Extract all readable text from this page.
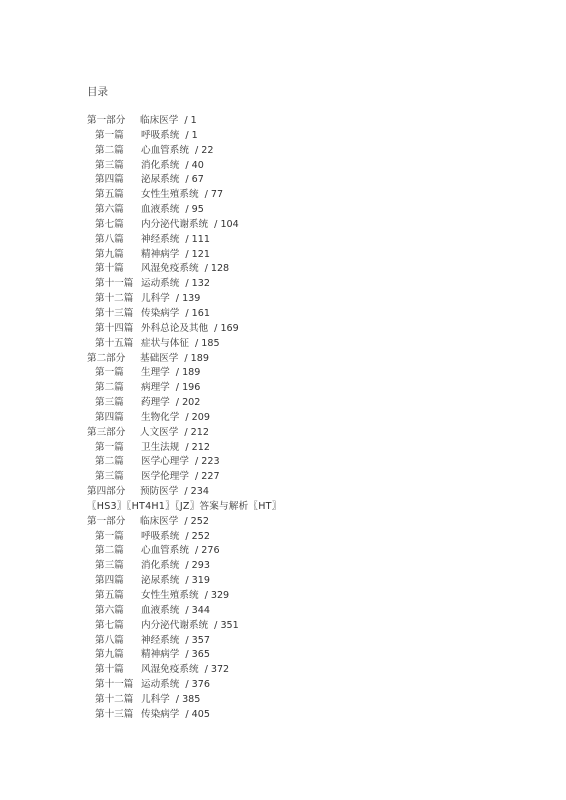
目录
第一部分 临床医学 / 1
第一篇 呼吸系统 / 1
第二篇 心血管系统 / 22
第三篇 消化系统 / 40
第四篇 泌尿系统 / 67
第五篇 女性生殖系统 / 77
第六篇 血液系统 / 95
第七篇 内分泌代谢系统 / 104
第八篇 神经系统 / 111
第九篇 精神病学 / 121
第十篇 风湿免疫系统 / 128
第十一篇 运动系统 / 132
第十二篇 儿科学 / 139
第十三篇 传染病学 / 161
第十四篇 外科总论及其他 / 169
第十五篇 症状与体征 / 185
第二部分 基础医学 / 189
第一篇 生理学 / 189
第二篇 病理学 / 196
第三篇 药理学 / 202
第四篇 生物化学 / 209
第三部分 人文医学 / 212
第一篇 卫生法规 / 212
第二篇 医学心理学 / 223
第三篇 医学伦理学 / 227
第四部分 预防医学 / 234
〖HS3〗〖HT4H1〗〖JZ〗答案与解析〖HT〗
第一部分 临床医学 / 252
第一篇 呼吸系统 / 252
第二篇 心血管系统 / 276
第三篇 消化系统 / 293
第四篇 泌尿系统 / 319
第五篇 女性生殖系统 / 329
第六篇 血液系统 / 344
第七篇 内分泌代谢系统 / 351
第八篇 神经系统 / 357
第九篇 精神病学 / 365
第十篇 风湿免疫系统 / 372
第十一篇 运动系统 / 376
第十二篇 儿科学 / 385
第十三篇 传染病学 / 405
